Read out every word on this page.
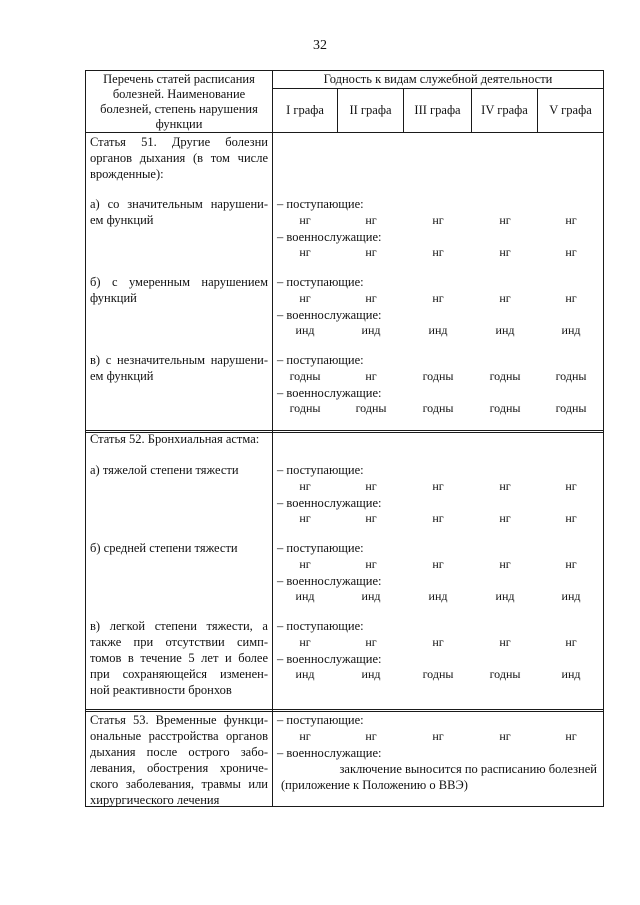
32
Перечень статей расписания
болезней. Наименование
болезней, степень нарушения
функции
Годность к видам служебной деятельности
I графа	II графа	III графа	IV графа	V графа
Статья 51. Другие болезни
органов дыхания (в том числе
врожденные):
а) со значительным нарушени-
ем функций
– поступающие:
нг	нг	нг	нг	нг
– военнослужащие:
нг	нг	нг	нг	нг
б) с умеренным нарушением
функций
– поступающие:
нг	нг	нг	нг	нг
– военнослужащие:
инд	инд	инд	инд	инд
в) с незначительным нарушени-
ем функций
– поступающие:
годны	нг	годны	годны	годны
– военнослужащие:
годны	годны	годны	годны	годны
Статья 52. Бронхиальная астма:
а) тяжелой степени тяжести	– поступающие:
нг	нг	нг	нг	нг
– военнослужащие:
нг	нг	нг	нг	нг
б) средней степени тяжести	– поступающие:
нг	нг	нг	нг	нг
– военнослужащие:
инд	инд	инд	инд	инд
в) легкой степени тяжести, а
также при отсутствии симп-
томов в течение 5 лет и более
при сохраняющейся изменен-
ной реактивности бронхов
– поступающие:
нг	нг	нг	нг	нг
– военнослужащие:
инд	инд	годны	годны	инд
Статья 53. Временные функци-
ональные расстройства органов
дыхания после острого забо-
левания, обострения хрониче-
ского заболевания, травмы или
хирургического лечения
– поступающие:
нг	нг	нг	нг	нг
– военнослужащие:
заключение выносится по расписанию болезней
(приложение к Положению о ВВЭ)
